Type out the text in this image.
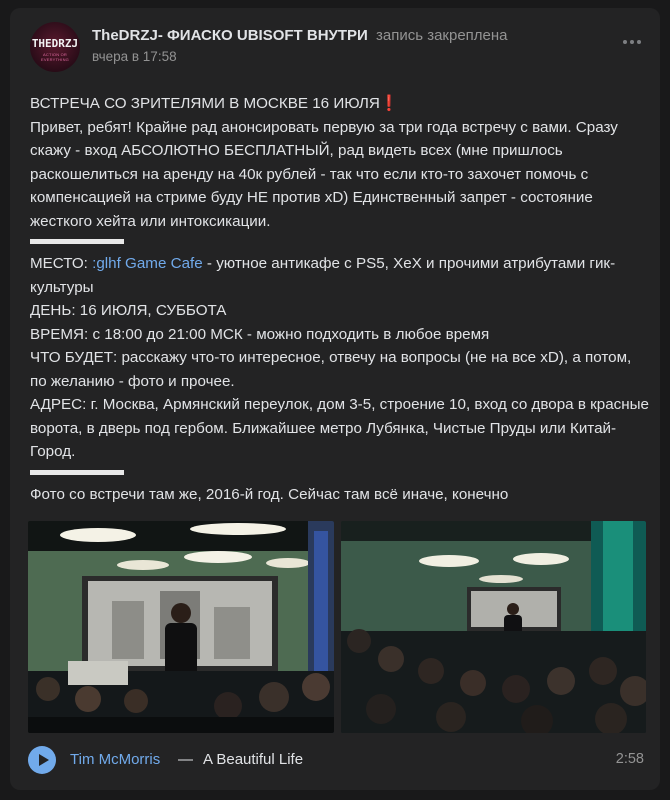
THEDRZJ
ACTION OR EVERYTHING
TheDRZJ- ФИАСКО UBISOFT ВНУТРИ запись закреплена
вчера в 17:58

ВСТРЕЧА СО ЗРИТЕЛЯМИ В МОСКВЕ 16 ИЮЛЯ❗

Привет, ребят! Крайне рад анонсировать первую за три года встречу с вами. Сразу скажу - вход АБСОЛЮТНО БЕСПЛАТНЫЙ, рад видеть всех (мне пришлось раскошелиться на аренду на 40к рублей - так что если кто-то захочет помочь с компенсацией на стриме буду НЕ против xD) Единственный запрет - состояние жесткого хейта или интоксикации.

МЕСТО: :glhf Game Cafe - уютное антикафе с PS5, XeX и прочими атрибутами гик-культуры

ДЕНЬ: 16 ИЮЛЯ, СУББОТА

ВРЕМЯ: с 18:00 до 21:00 МСК - можно подходить в любое время

ЧТО БУДЕТ: расскажу что-то интересное, отвечу на вопросы (не на все xD), а потом, по желанию - фото и прочее.

АДРЕС: г. Москва, Армянский переулок, дом 3-5, строение 10, вход со двора в красные ворота, в дверь под гербом. Ближайшее метро Лубянка, Чистые Пруды или Китай-Город.

Фото со встречи там же, 2016-й год. Сейчас там всё иначе, конечно

Tim McMorris — A Beautiful Life	2:58
